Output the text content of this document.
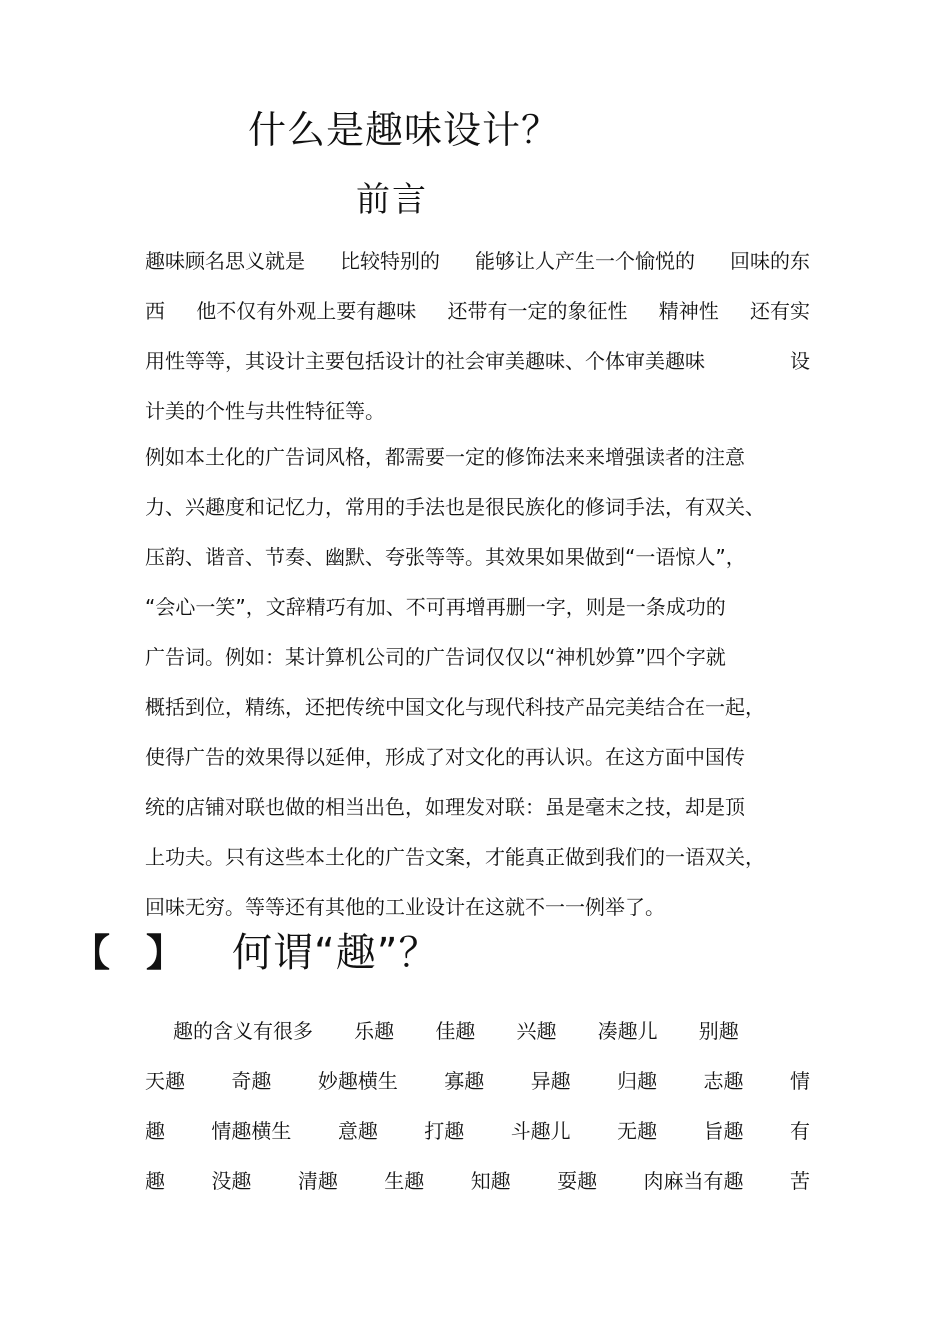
什么是趣味设计？
前言
趣味顾名思义就是 比较特别的 能够让人产生一个愉悦的 回味的东
西 他不仅有外观上要有趣味 还带有一定的象征性 精神性 还有实
用性等等，其设计主要包括设计的社会审美趣味、个体审美趣味	设
计美的个性与共性特征等。
例如本土化的广告词风格，都需要一定的修饰法来来增强读者的注意
力、兴趣度和记忆力，常用的手法也是很民族化的修词手法，有双关、
压韵、谐音、节奏、幽默、夸张等等。其效果如果做到“一语惊人”，
“会心一笑”，文辞精巧有加、不可再增再删一字，则是一条成功的
广告词。例如：某计算机公司的广告词仅仅以“神机妙算”四个字就
概括到位，精练，还把传统中国文化与现代科技产品完美结合在一起，
使得广告的效果得以延伸，形成了对文化的再认识。在这方面中国传
统的店铺对联也做的相当出色，如理发对联：虽是毫末之技，却是顶
上功夫。只有这些本土化的广告文案，才能真正做到我们的一语双关，
回味无穷。等等还有其他的工业设计在这就不一一例举了。
【 】 何谓“趣”？
趣的含义有很多 乐趣 佳趣 兴趣 凑趣儿 别趣
天趣 奇趣 妙趣横生 寡趣 异趣 归趣 志趣 情
趣 情趣横生 意趣 打趣 斗趣儿 无趣 旨趣 有
趣 没趣 清趣 生趣 知趣 耍趣 肉麻当有趣 苦
